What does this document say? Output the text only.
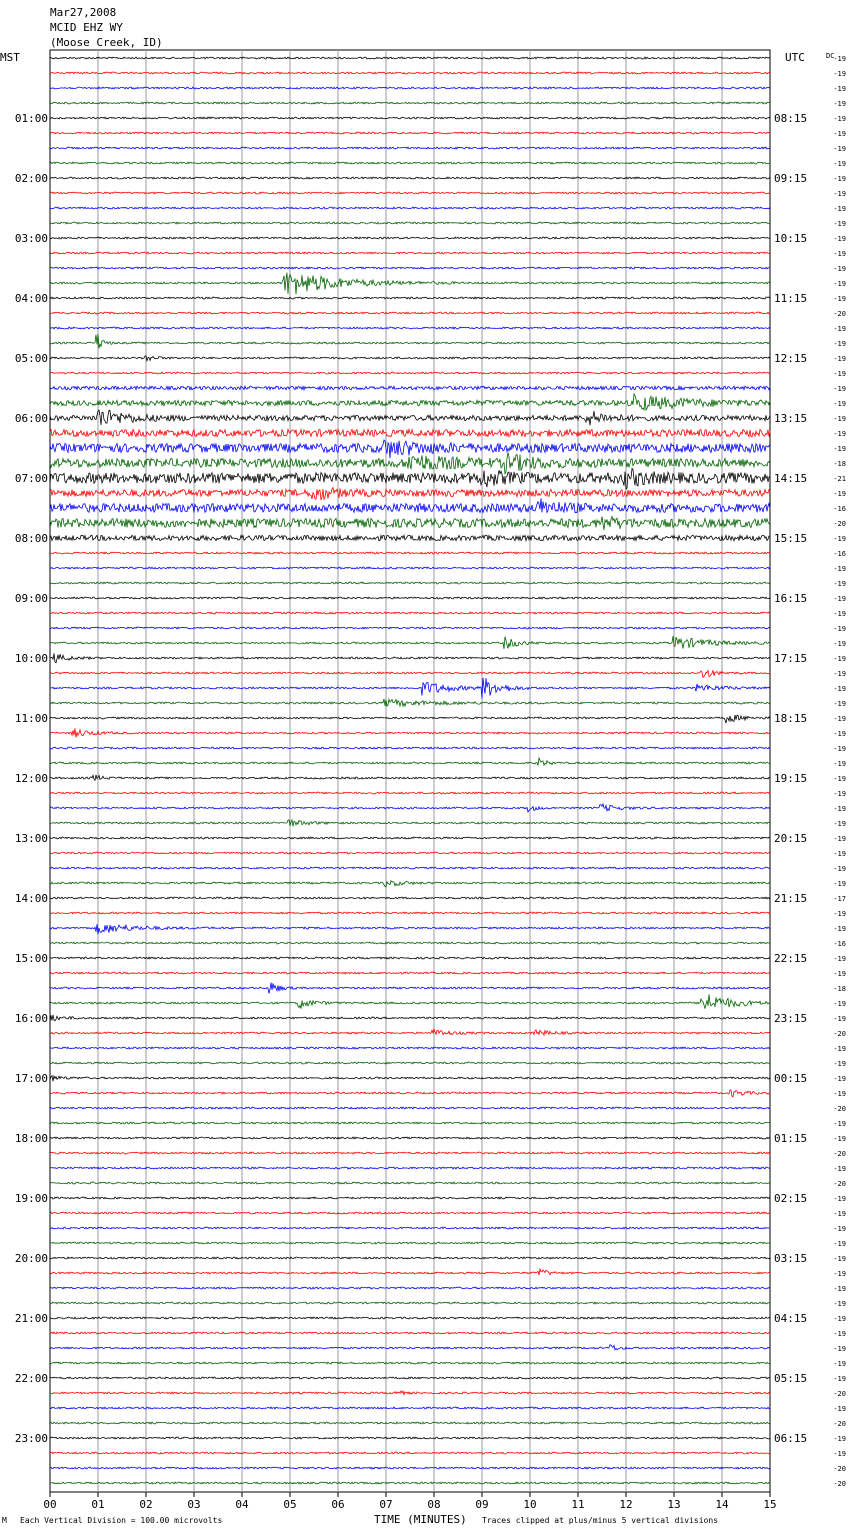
Mar27,2008
MCID EHZ WY
(Moose Creek, ID)
MST	UTC	DC
01:00
02:00
03:00
04:00
05:00
06:00
07:00
08:00
09:00
10:00
11:00
12:00
13:00
14:00
15:00
16:00
17:00
18:00
19:00
20:00
21:00
22:00
23:00
08:15
09:15
10:15
11:15
12:15
13:15
14:15
15:15
16:15
17:15
18:15
19:15
20:15
21:15
22:15
23:15
00:15
01:15
02:15
03:15
04:15
05:15
06:15
-19
-19
-19
-19
-19
-19
-19
-19
-19
-19
-19
-19
-19
-19
-19
-19
-19
-20
-19
-19
-19
-19
-19
-19
-19
-19
-19
-18
-21
-19
-16
-20
-19
-16
-19
-19
-19
-19
-19
-19
-19
-19
-19
-19
-19
-19
-19
-19
-19
-19
-19
-19
-19
-19
-19
-19
-17
-19
-19
-16
-19
-19
-18
-19
-19
-20
-19
-19
-19
-19
-20
-19
-19
-20
-19
-20
-19
-19
-19
-19
-19
-19
-19
-19
-19
-19
-19
-19
-19
-20
-19
-20
-19
-19
-20
-20
00	01	02	03	04	05	06	07	08	09	10	11	12	13	14	15
M Each Vertical Division = 100.00 microvolts	TIME (MINUTES) Traces clipped at plus/minus 5 vertical divisions
